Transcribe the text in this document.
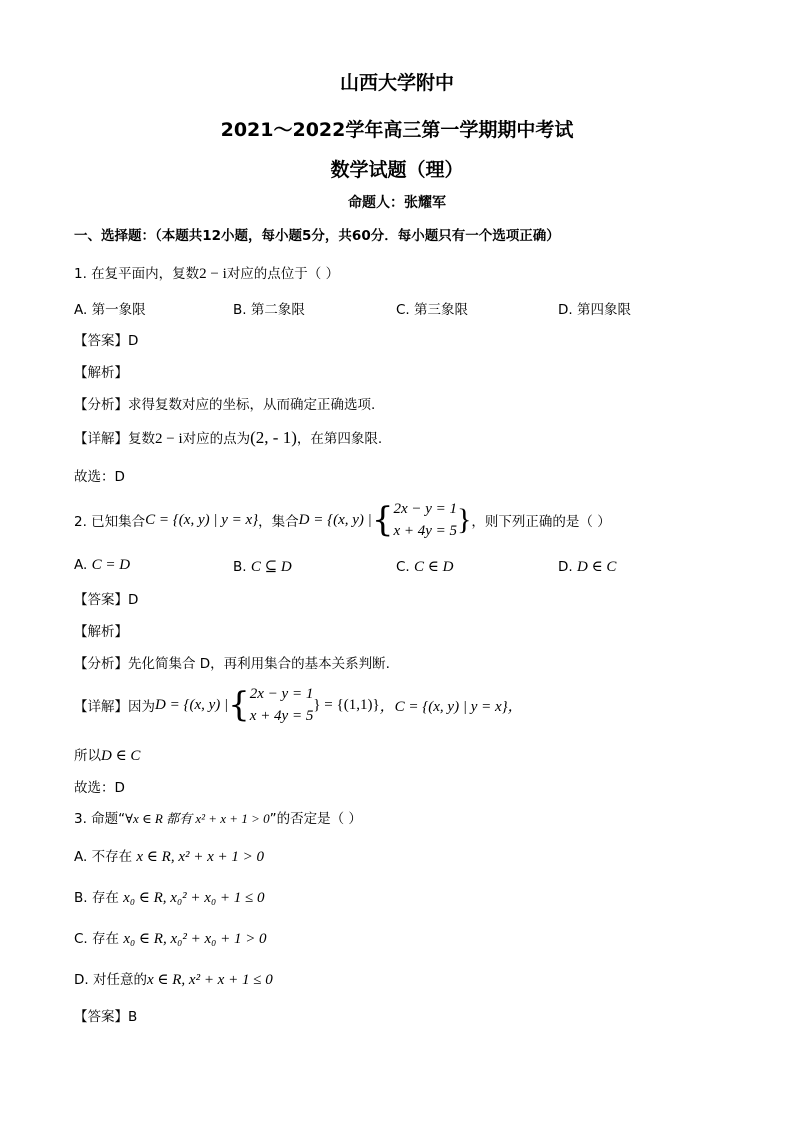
山西大学附中
2021～2022学年高三第一学期期中考试
数学试题（理）
命题人：张耀军
一、选择题：（本题共12小题，每小题5分，共60分．每小题只有一个选项正确）
1. 在复平面内，复数2 − i对应的点位于（ ）
A. 第一象限	B. 第二象限	C. 第三象限	D. 第四象限
【答案】D
【解析】
【分析】求得复数对应的坐标，从而确定正确选项.
【详解】复数2 − i对应的点为(2, - 1)，在第四象限.
故选：D
2. 已知集合 C = {(x, y) | y = x} ，集合 D = {(x, y) | { 2x − y = 1
x + 4y = 5 } ，则下列正确的是（ ）
A. C = D	B. C ⊆ D	C. C ∈ D	D. D ∈ C
【答案】D
【解析】
【分析】先化简集合 D，再利用集合的基本关系判断.
【详解】因为 D = {(x, y) | { 2x − y = 1
x + 4y = 5
} = {(1,1)} ，C = {(x, y) | y = x}，
所以D ∈ C
故选：D
3. 命题“∀x ∈ R 都有 x² + x + 1 > 0”的否定是（ ）
A. 不存在 x ∈ R, x² + x + 1 > 0
B. 存在 x₀ ∈ R, x₀² + x₀ + 1 ≤ 0
C. 存在 x₀ ∈ R, x₀² + x₀ + 1 > 0
D. 对任意的x ∈ R, x² + x + 1 ≤ 0
【答案】B
